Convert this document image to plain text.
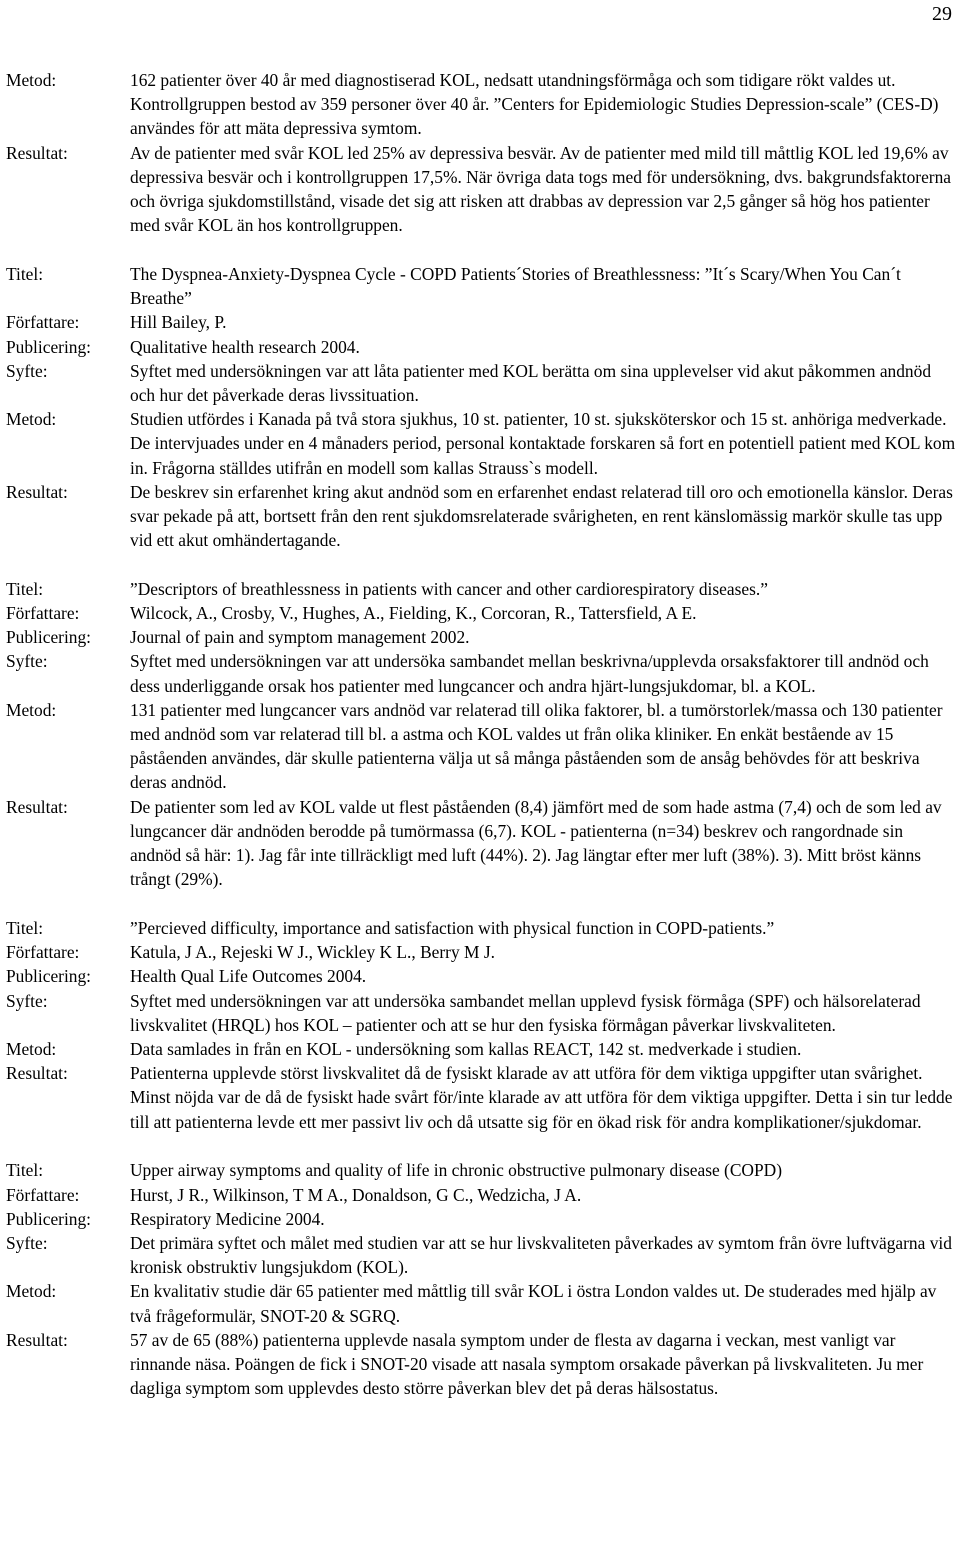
29
Metod:	162 patienter över 40 år med diagnostiserad KOL, nedsatt utandningsförmåga och som tidigare rökt valdes ut. Kontrollgruppen bestod av 359 personer över 40 år. ”Centers for Epidemiologic Studies Depression-scale” (CES-D) användes för att mäta depressiva symtom.
Resultat:	Av de patienter med svår KOL led 25% av depressiva besvär. Av de patienter med mild till måttlig KOL led 19,6% av depressiva besvär och i kontrollgruppen 17,5%. När övriga data togs med för undersökning, dvs. bakgrundsfaktorerna och övriga sjukdomstillstånd, visade det sig att risken att drabbas av depression var 2,5 gånger så hög hos patienter med svår KOL än hos kontrollgruppen.
Titel:	The Dyspnea-Anxiety-Dyspnea Cycle - COPD Patients´Stories of Breathlessness: ”It´s Scary/When You Can´t Breathe”
Författare:	Hill Bailey, P.
Publicering:	Qualitative health research 2004.
Syfte:	Syftet med undersökningen var att låta patienter med KOL berätta om sina upplevelser vid akut påkommen andnöd och hur det påverkade deras livssituation.
Metod:	Studien utfördes i Kanada på två stora sjukhus, 10 st. patienter, 10 st. sjuksköterskor och 15 st. anhöriga medverkade. De intervjuades under en 4 månaders period, personal kontaktade forskaren så fort en potentiell patient med KOL kom in. Frågorna ställdes utifrån en modell som kallas Strauss`s modell.
Resultat:	De beskrev sin erfarenhet kring akut andnöd som en erfarenhet endast relaterad till oro och emotionella känslor. Deras svar pekade på att, bortsett från den rent sjukdomsrelaterade svårigheten, en rent känslomässig markör skulle tas upp vid ett akut omhändertagande.
Titel:	”Descriptors of breathlessness in patients with cancer and other cardiorespiratory diseases.”
Författare:	Wilcock, A., Crosby, V., Hughes, A., Fielding, K., Corcoran, R., Tattersfield, A E.
Publicering:	Journal of pain and symptom management 2002.
Syfte:	Syftet med undersökningen var att undersöka sambandet mellan beskrivna/upplevda orsaksfaktorer till andnöd och dess underliggande orsak hos patienter med lungcancer och andra hjärt-lungsjukdomar, bl. a KOL.
Metod:	131 patienter med lungcancer vars andnöd var relaterad till olika faktorer, bl. a tumörstorlek/massa och 130 patienter med andnöd som var relaterad till bl. a astma och KOL valdes ut från olika kliniker. En enkät bestående av 15 påståenden användes, där skulle patienterna välja ut så många påståenden som de ansåg behövdes för att beskriva deras andnöd.
Resultat:	De patienter som led av KOL valde ut flest påståenden (8,4) jämfört med de som hade astma (7,4) och de som led av lungcancer där andnöden berodde på tumörmassa (6,7). KOL - patienterna (n=34) beskrev och rangordnade sin andnöd så här: 1). Jag får inte tillräckligt med luft (44%). 2). Jag längtar efter mer luft (38%). 3). Mitt bröst känns trångt (29%).
Titel:	”Percieved difficulty, importance and satisfaction with physical function in COPD-patients.”
Författare:	Katula, J A., Rejeski W J., Wickley K L., Berry M J.
Publicering:	Health Qual Life Outcomes 2004.
Syfte:	Syftet med undersökningen var att undersöka sambandet mellan upplevd fysisk förmåga (SPF) och hälsorelaterad livskvalitet (HRQL) hos KOL – patienter och att se hur den fysiska förmågan påverkar livskvaliteten.
Metod:	Data samlades in från en KOL - undersökning som kallas REACT, 142 st. medverkade i studien.
Resultat:	Patienterna upplevde störst livskvalitet då de fysiskt klarade av att utföra för dem viktiga uppgifter utan svårighet. Minst nöjda var de då de fysiskt hade svårt för/inte klarade av att utföra för dem viktiga uppgifter. Detta i sin tur ledde till att patienterna levde ett mer passivt liv och då utsatte sig för en ökad risk för andra komplikationer/sjukdomar.
Titel:	Upper airway symptoms and quality of life in chronic obstructive pulmonary disease (COPD)
Författare:	Hurst, J R., Wilkinson, T M A., Donaldson, G C., Wedzicha, J A.
Publicering:	Respiratory Medicine 2004.
Syfte:	Det primära syftet och målet med studien var att se hur livskvaliteten påverkades av symtom från övre luftvägarna vid kronisk obstruktiv lungsjukdom (KOL).
Metod:	En kvalitativ studie där 65 patienter med måttlig till svår KOL i östra London valdes ut. De studerades med hjälp av två frågeformulär, SNOT-20 & SGRQ.
Resultat:	57 av de 65 (88%) patienterna upplevde nasala symptom under de flesta av dagarna i veckan, mest vanligt var rinnande näsa. Poängen de fick i SNOT-20 visade att nasala symptom orsakade påverkan på livskvaliteten. Ju mer dagliga symptom som upplevdes desto större påverkan blev det på deras hälsostatus.
